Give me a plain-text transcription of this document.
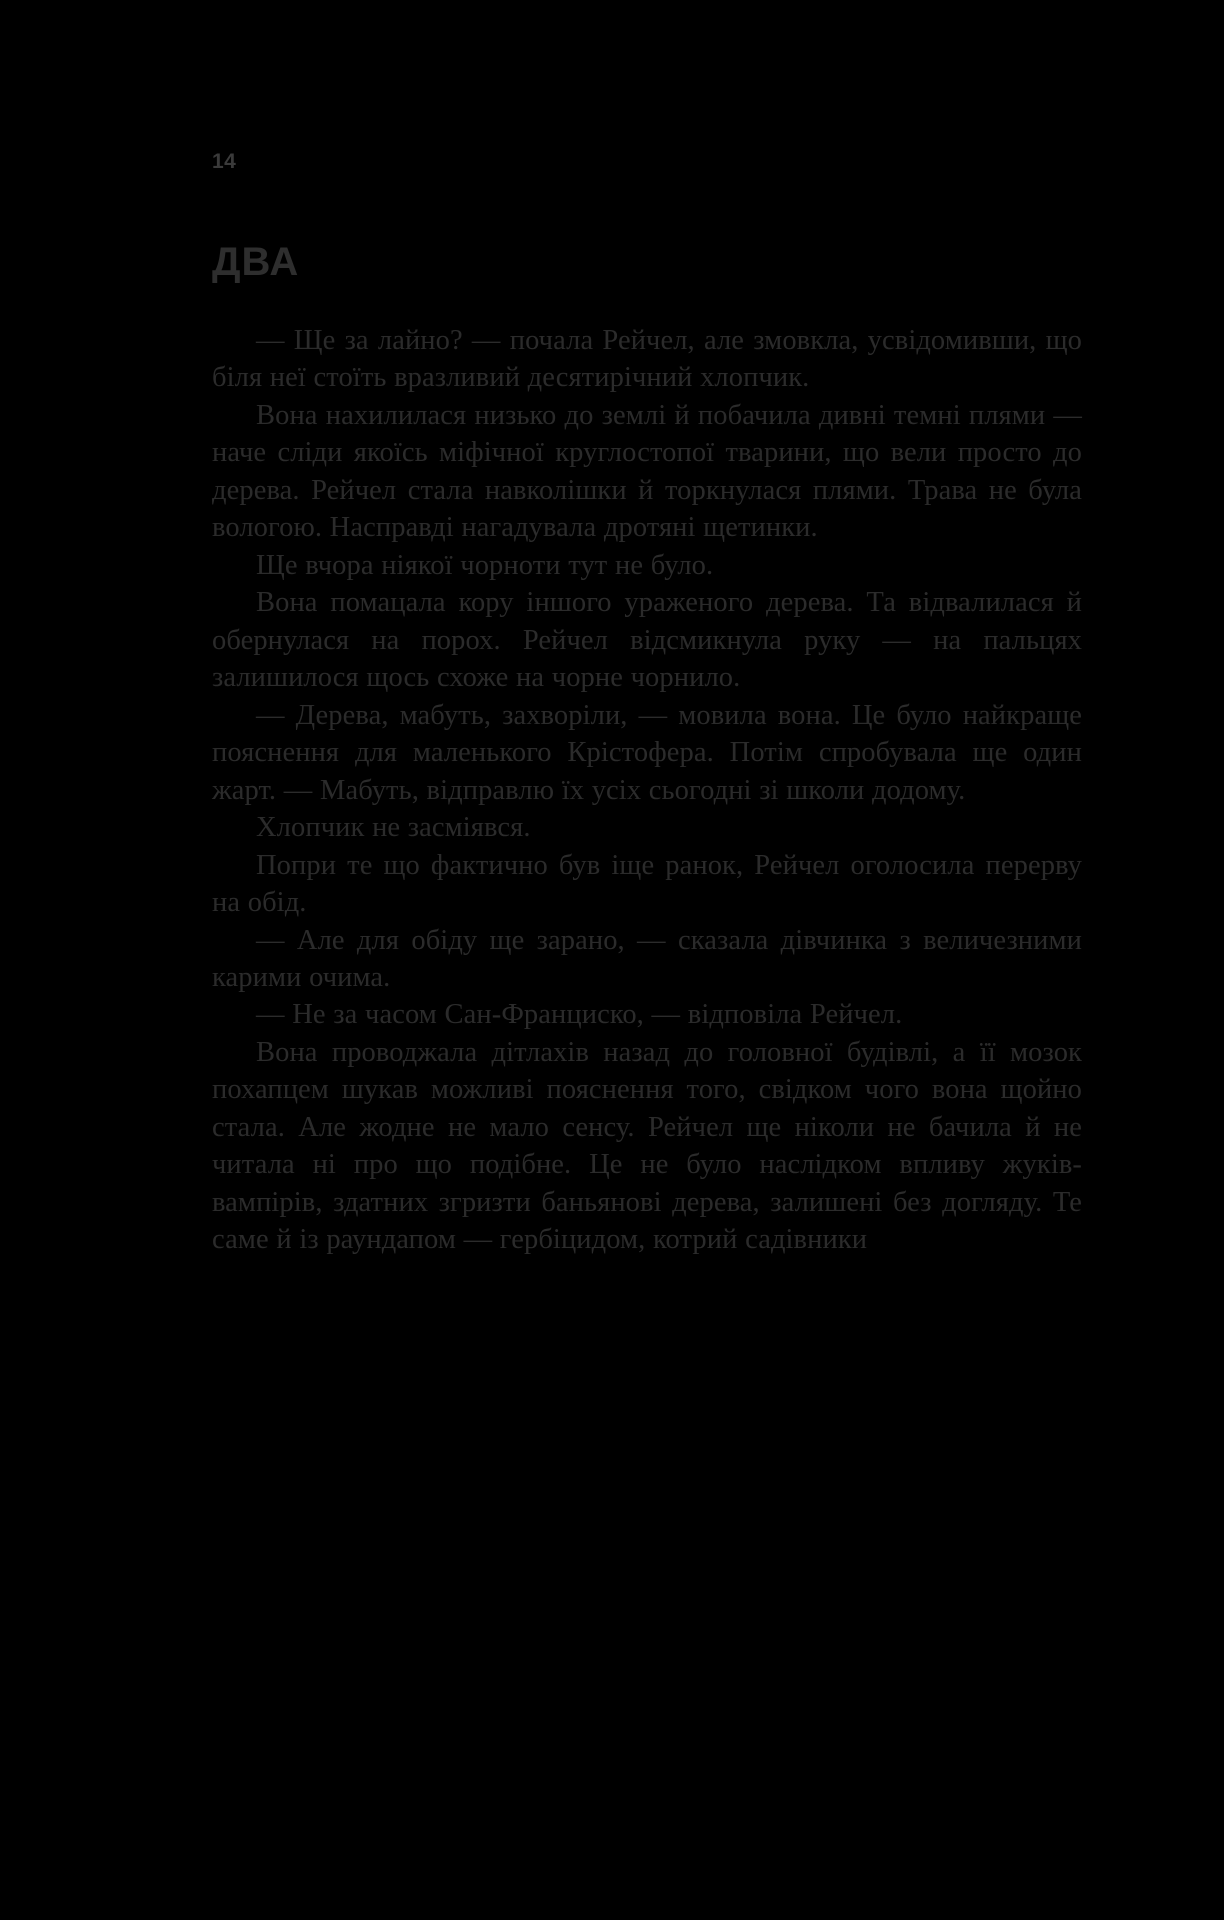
14
ДВА

— Ще за лайно? — почала Рейчел, але змовкла, усвідомивши, що біля неї стоїть вразливий десятирічний хлопчик.

Вона нахилилася низько до землі й побачила дивні темні плями — наче сліди якоїсь міфічної круглостопої тварини, що вели просто до дерева. Рейчел стала навколішки й торкнулася плями. Трава не була вологою. Насправді нагадувала дротяні щетинки.

Ще вчора ніякої чорноти тут не було.

Вона помацала кору іншого ураженого дерева. Та відвалилася й обернулася на порох. Рейчел відсмикнула руку — на пальцях залишилося щось схоже на чорне чорнило.

— Дерева, мабуть, захворіли, — мовила вона. Це було найкраще пояснення для маленького Крістофера. Потім спробувала ще один жарт. — Мабуть, відправлю їх усіх сьогодні зі школи додому.

Хлопчик не засміявся.

Попри те що фактично був іще ранок, Рейчел оголосила перерву на обід.

— Але для обіду ще зарано, — сказала дівчинка з величезними карими очима.

— Не за часом Сан-Франциско, — відповіла Рейчел.

Вона проводжала дітлахів назад до головної будівлі, а її мозок похапцем шукав можливі пояснення того, свідком чого вона щойно стала. Але жодне не мало сенсу. Рейчел ще ніколи не бачила й не читала ні про що подібне. Це не було наслідком впливу жуків-вампірів, здатних згризти баньянові дерева, залишені без догляду. Те саме й із раундапом — гербіцидом, котрий садівники
